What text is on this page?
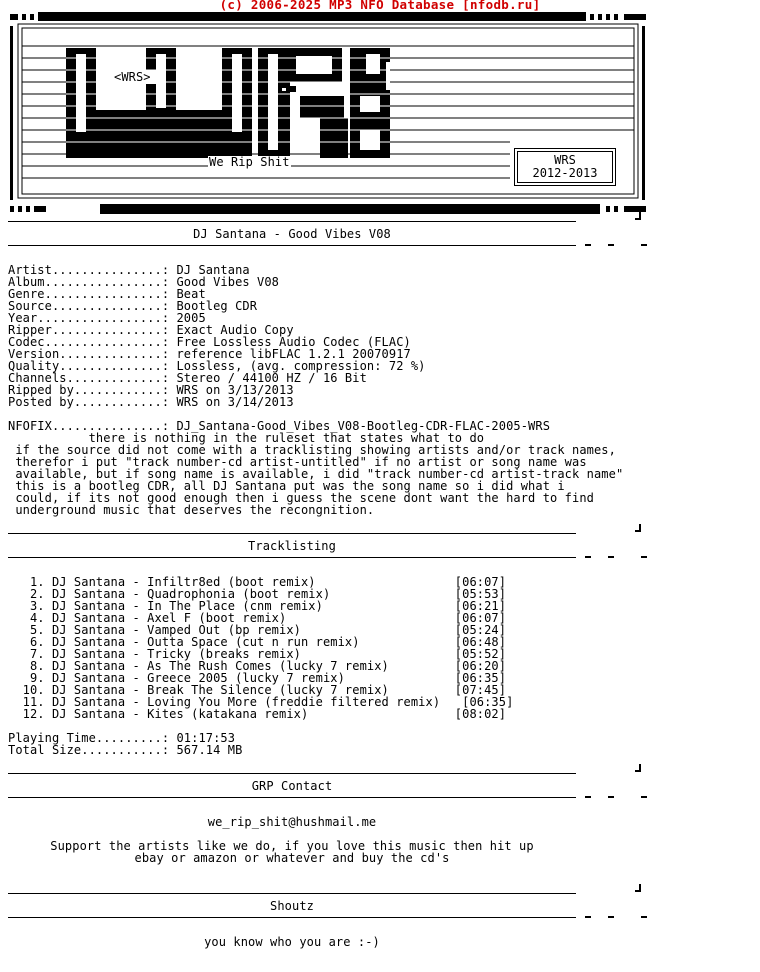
(c) 2006-2025 MP3 NFO Database [nfodb.ru]
<WRS>
We Rip Shit	WRS
2012-2013
DJ Santana - Good Vibes V08
Artist...............: DJ Santana
Album................: Good Vibes V08
Genre................: Beat
Source...............: Bootleg CDR
Year.................: 2005
Ripper...............: Exact Audio Copy
Codec................: Free Lossless Audio Codec (FLAC)
Version..............: reference libFLAC 1.2.1 20070917
Quality..............: Lossless, (avg. compression: 72 %)
Channels.............: Stereo / 44100 HZ / 16 Bit
Ripped by............: WRS on 3/13/2013
Posted by............: WRS on 3/14/2013
NFOFIX...............: DJ_Santana-Good_Vibes_V08-Bootleg-CDR-FLAC-2005-WRS
there is nothing in the ruleset that states what to do
if the source did not come with a tracklisting showing artists and/or track names,
therefor i put "track number-cd artist-untitled" if no artist or song name was
available, but if song name is available, i did "track number-cd artist-track name"
this is a bootleg CDR, all DJ Santana put was the song name so i did what i
could, if its not good enough then i guess the scene dont want the hard to find
underground music that deserves the recongnition.
Tracklisting
1. DJ Santana - Infiltr8ed (boot remix)                   [06:07]
2. DJ Santana - Quadrophonia (boot remix)                 [05:53]
3. DJ Santana - In The Place (cnm remix)                  [06:21]
4. DJ Santana - Axel F (boot remix)                       [06:07]
5. DJ Santana - Vamped Out (bp remix)                     [05:24]
6. DJ Santana - Outta Space (cut n run remix)             [06:48]
7. DJ Santana - Tricky (breaks remix)                     [05:52]
8. DJ Santana - As The Rush Comes (lucky 7 remix)         [06:20]
9. DJ Santana - Greece 2005 (lucky 7 remix)               [06:35]
10. DJ Santana - Break The Silence (lucky 7 remix)         [07:45]
11. DJ Santana - Loving You More (freddie filtered remix)   [06:35]
12. DJ Santana - Kites (katakana remix)                    [08:02]
Playing Time.........: 01:17:53
Total Size...........: 567.14 MB
GRP Contact
we_rip_shit@hushmail.me
Support the artists like we do, if you love this music then hit up
ebay or amazon or whatever and buy the cd's
Shoutz
you know who you are :-)
